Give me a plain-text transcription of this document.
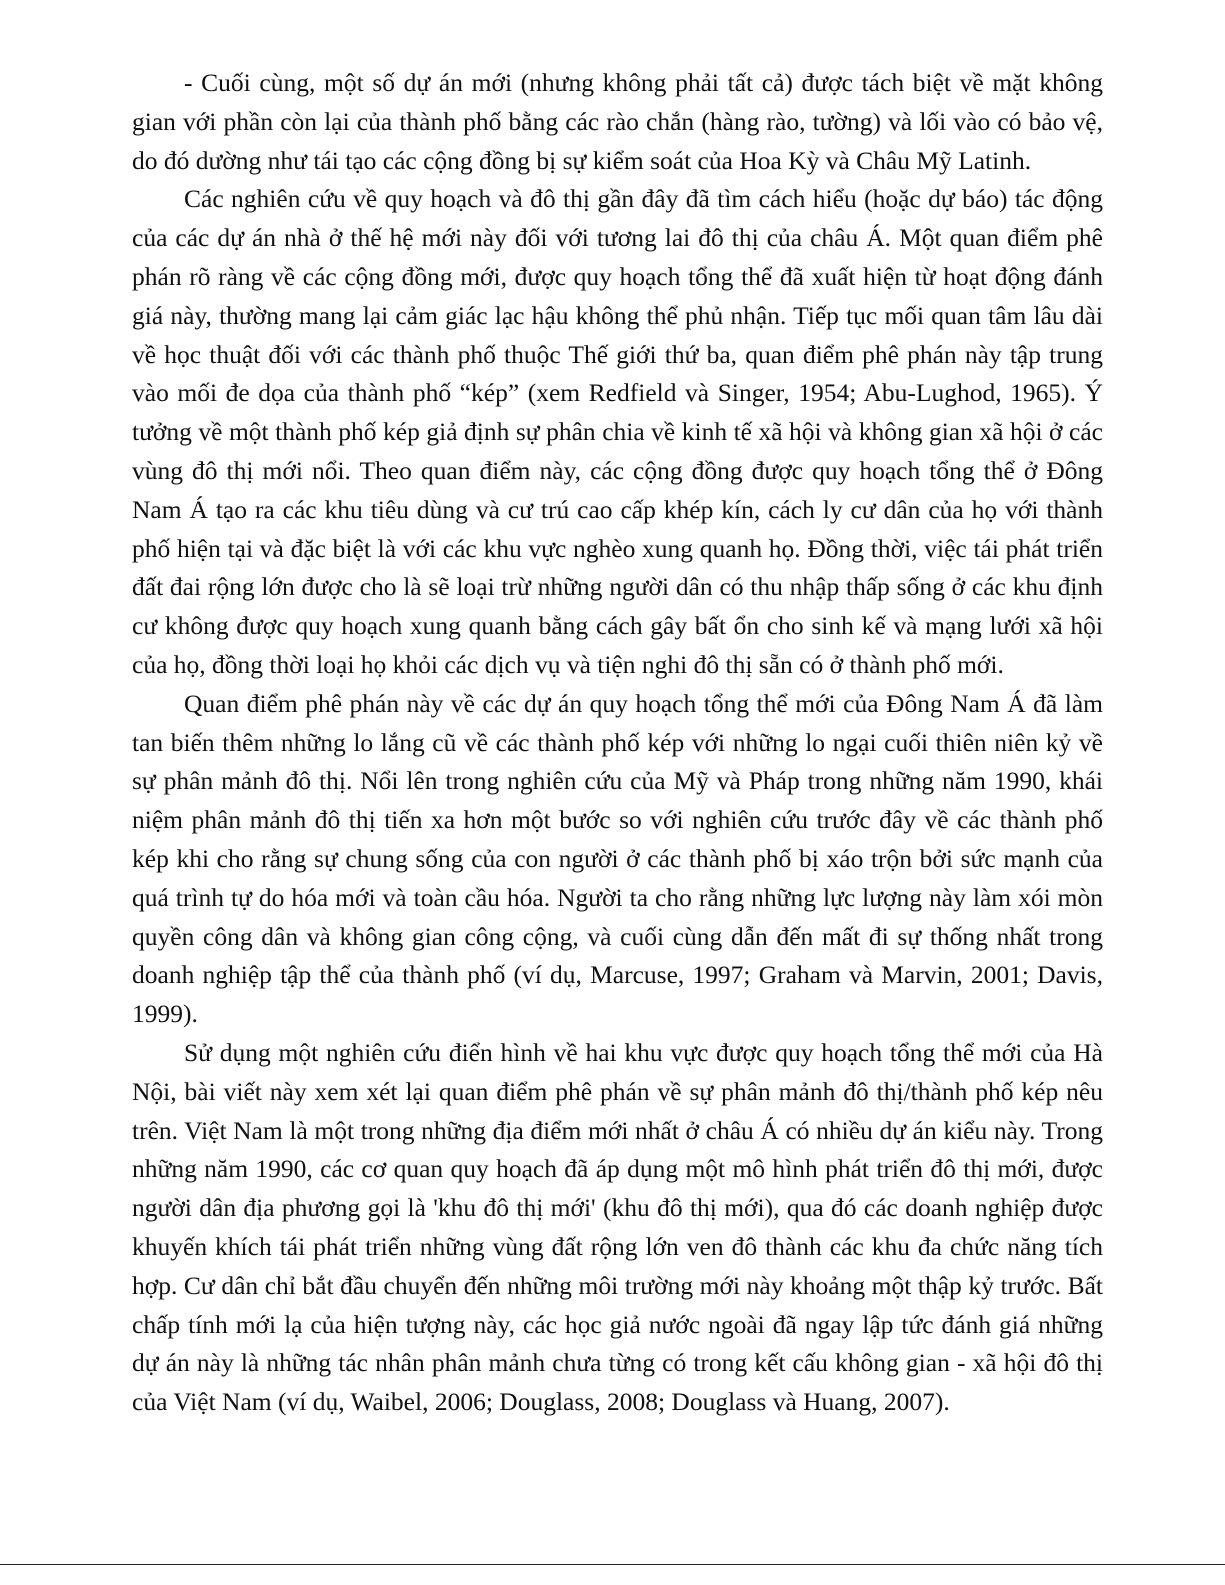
- Cuối cùng, một số dự án mới (nhưng không phải tất cả) được tách biệt về mặt không gian với phần còn lại của thành phố bằng các rào chắn (hàng rào, tường) và lối vào có bảo vệ, do đó dường như tái tạo các cộng đồng bị sự kiểm soát của Hoa Kỳ và Châu Mỹ Latinh.

Các nghiên cứu về quy hoạch và đô thị gần đây đã tìm cách hiểu (hoặc dự báo) tác động của các dự án nhà ở thế hệ mới này đối với tương lai đô thị của châu Á. Một quan điểm phê phán rõ ràng về các cộng đồng mới, được quy hoạch tổng thể đã xuất hiện từ hoạt động đánh giá này, thường mang lại cảm giác lạc hậu không thể phủ nhận. Tiếp tục mối quan tâm lâu dài về học thuật đối với các thành phố thuộc Thế giới thứ ba, quan điểm phê phán này tập trung vào mối đe dọa của thành phố “kép” (xem Redfield và Singer, 1954; Abu-Lughod, 1965). Ý tưởng về một thành phố kép giả định sự phân chia về kinh tế xã hội và không gian xã hội ở các vùng đô thị mới nổi. Theo quan điểm này, các cộng đồng được quy hoạch tổng thể ở Đông Nam Á tạo ra các khu tiêu dùng và cư trú cao cấp khép kín, cách ly cư dân của họ với thành phố hiện tại và đặc biệt là với các khu vực nghèo xung quanh họ. Đồng thời, việc tái phát triển đất đai rộng lớn được cho là sẽ loại trừ những người dân có thu nhập thấp sống ở các khu định cư không được quy hoạch xung quanh bằng cách gây bất ổn cho sinh kế và mạng lưới xã hội của họ, đồng thời loại họ khỏi các dịch vụ và tiện nghi đô thị sẵn có ở thành phố mới.

Quan điểm phê phán này về các dự án quy hoạch tổng thể mới của Đông Nam Á đã làm tan biến thêm những lo lắng cũ về các thành phố kép với những lo ngại cuối thiên niên kỷ về sự phân mảnh đô thị. Nổi lên trong nghiên cứu của Mỹ và Pháp trong những năm 1990, khái niệm phân mảnh đô thị tiến xa hơn một bước so với nghiên cứu trước đây về các thành phố kép khi cho rằng sự chung sống của con người ở các thành phố bị xáo trộn bởi sức mạnh của quá trình tự do hóa mới và toàn cầu hóa. Người ta cho rằng những lực lượng này làm xói mòn quyền công dân và không gian công cộng, và cuối cùng dẫn đến mất đi sự thống nhất trong doanh nghiệp tập thể của thành phố (ví dụ, Marcuse, 1997; Graham và Marvin, 2001; Davis, 1999).

Sử dụng một nghiên cứu điển hình về hai khu vực được quy hoạch tổng thể mới của Hà Nội, bài viết này xem xét lại quan điểm phê phán về sự phân mảnh đô thị/thành phố kép nêu trên. Việt Nam là một trong những địa điểm mới nhất ở châu Á có nhiều dự án kiểu này. Trong những năm 1990, các cơ quan quy hoạch đã áp dụng một mô hình phát triển đô thị mới, được người dân địa phương gọi là 'khu đô thị mới' (khu đô thị mới), qua đó các doanh nghiệp được khuyến khích tái phát triển những vùng đất rộng lớn ven đô thành các khu đa chức năng tích hợp. Cư dân chỉ bắt đầu chuyển đến những môi trường mới này khoảng một thập kỷ trước. Bất chấp tính mới lạ của hiện tượng này, các học giả nước ngoài đã ngay lập tức đánh giá những dự án này là những tác nhân phân mảnh chưa từng có trong kết cấu không gian - xã hội đô thị của Việt Nam (ví dụ, Waibel, 2006; Douglass, 2008; Douglass và Huang, 2007).
